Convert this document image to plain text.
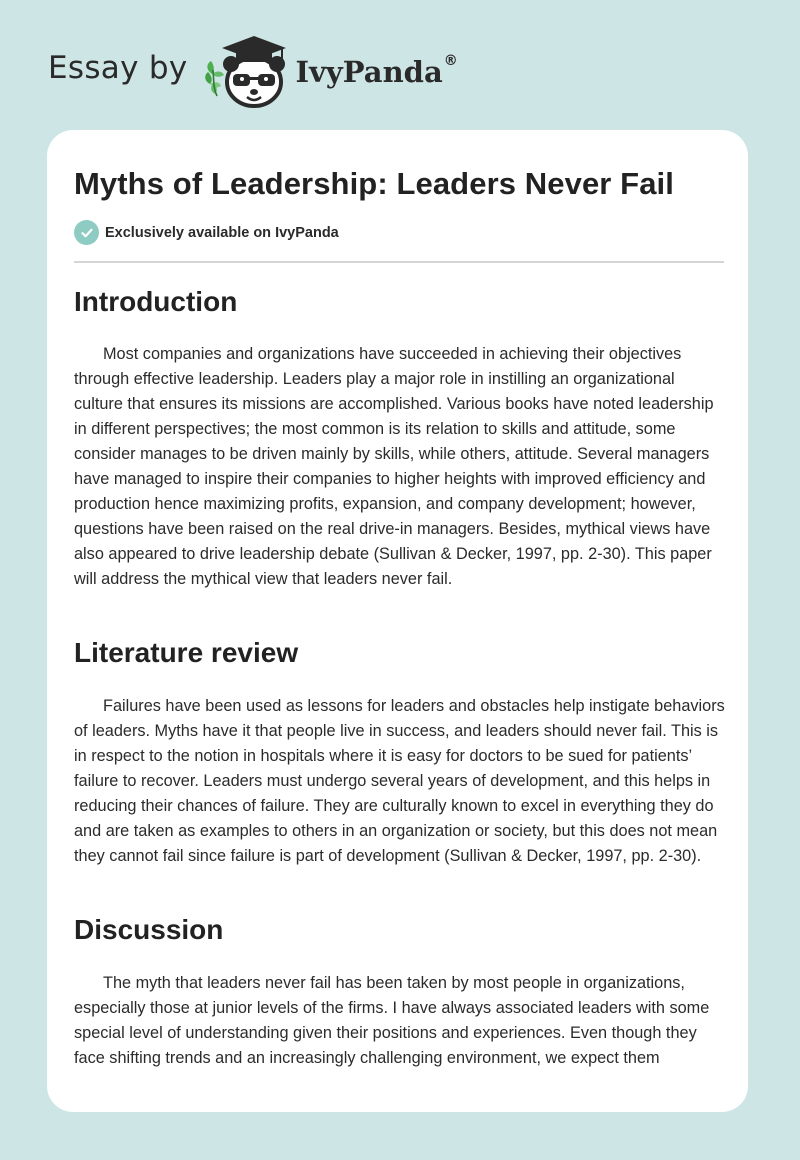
Essay by	IvyPanda®
Myths of Leadership: Leaders Never Fail
Exclusively available on IvyPanda
Introduction

Most companies and organizations have succeeded in achieving their objectives through effective leadership. Leaders play a major role in instilling an organizational culture that ensures its missions are accomplished. Various books have noted leadership in different perspectives; the most common is its relation to skills and attitude, some consider manages to be driven mainly by skills, while others, attitude. Several managers have managed to inspire their companies to higher heights with improved efficiency and production hence maximizing profits, expansion, and company development; however, questions have been raised on the real drive-in managers. Besides, mythical views have also appeared to drive leadership debate (Sullivan & Decker, 1997, pp. 2-30). This paper will address the mythical view that leaders never fail.

Literature review

Failures have been used as lessons for leaders and obstacles help instigate behaviors of leaders. Myths have it that people live in success, and leaders should never fail. This is in respect to the notion in hospitals where it is easy for doctors to be sued for patients’ failure to recover. Leaders must undergo several years of development, and this helps in reducing their chances of failure. They are culturally known to excel in everything they do and are taken as examples to others in an organization or society, but this does not mean they cannot fail since failure is part of development (Sullivan & Decker, 1997, pp. 2-30).

Discussion

The myth that leaders never fail has been taken by most people in organizations, especially those at junior levels of the firms. I have always associated leaders with some special level of understanding given their positions and experiences. Even though they face shifting trends and an increasingly challenging environment, we expect them
